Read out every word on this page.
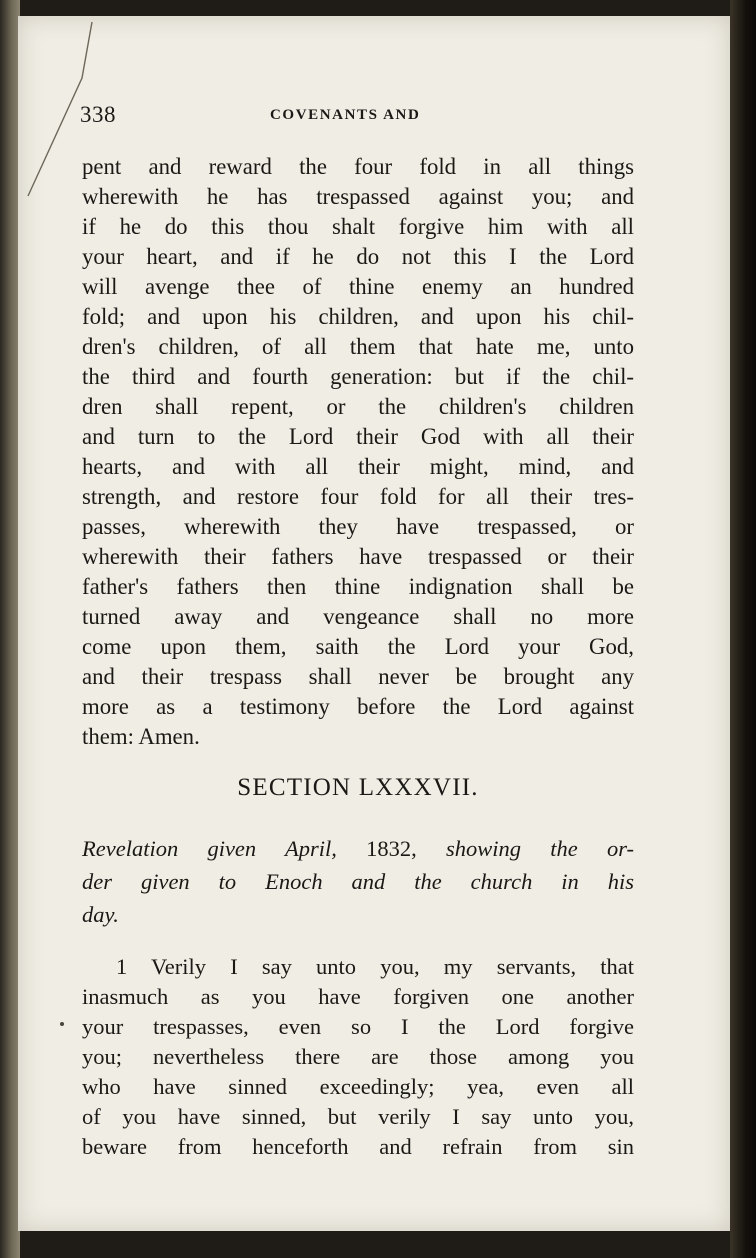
338	COVENANTS AND
pent and reward the four fold in all things
wherewith he has trespassed against you; and
if he do this thou shalt forgive him with all
your heart, and if he do not this I the Lord
will avenge thee of thine enemy an hundred
fold; and upon his children, and upon his chil-
dren's children, of all them that hate me, unto
the third and fourth generation: but if the chil-
dren shall repent, or the children's children
and turn to the Lord their God with all their
hearts, and with all their might, mind, and
strength, and restore four fold for all their tres-
passes, wherewith they have trespassed, or
wherewith their fathers have trespassed or their
father's fathers then thine indignation shall be
turned away and vengeance shall no more
come upon them, saith the Lord your God,
and their trespass shall never be brought any
more as a testimony before the Lord against
them: Amen.
SECTION LXXXVII.
Revelation given April, 1832, showing the or-
der given to Enoch and the church in his
day.
1 Verily I say unto you, my servants, that
inasmuch as you have forgiven one another
your trespasses, even so I the Lord forgive
you; nevertheless there are those among you
who have sinned exceedingly; yea, even all
of you have sinned, but verily I say unto you,
beware from henceforth and refrain from sin
